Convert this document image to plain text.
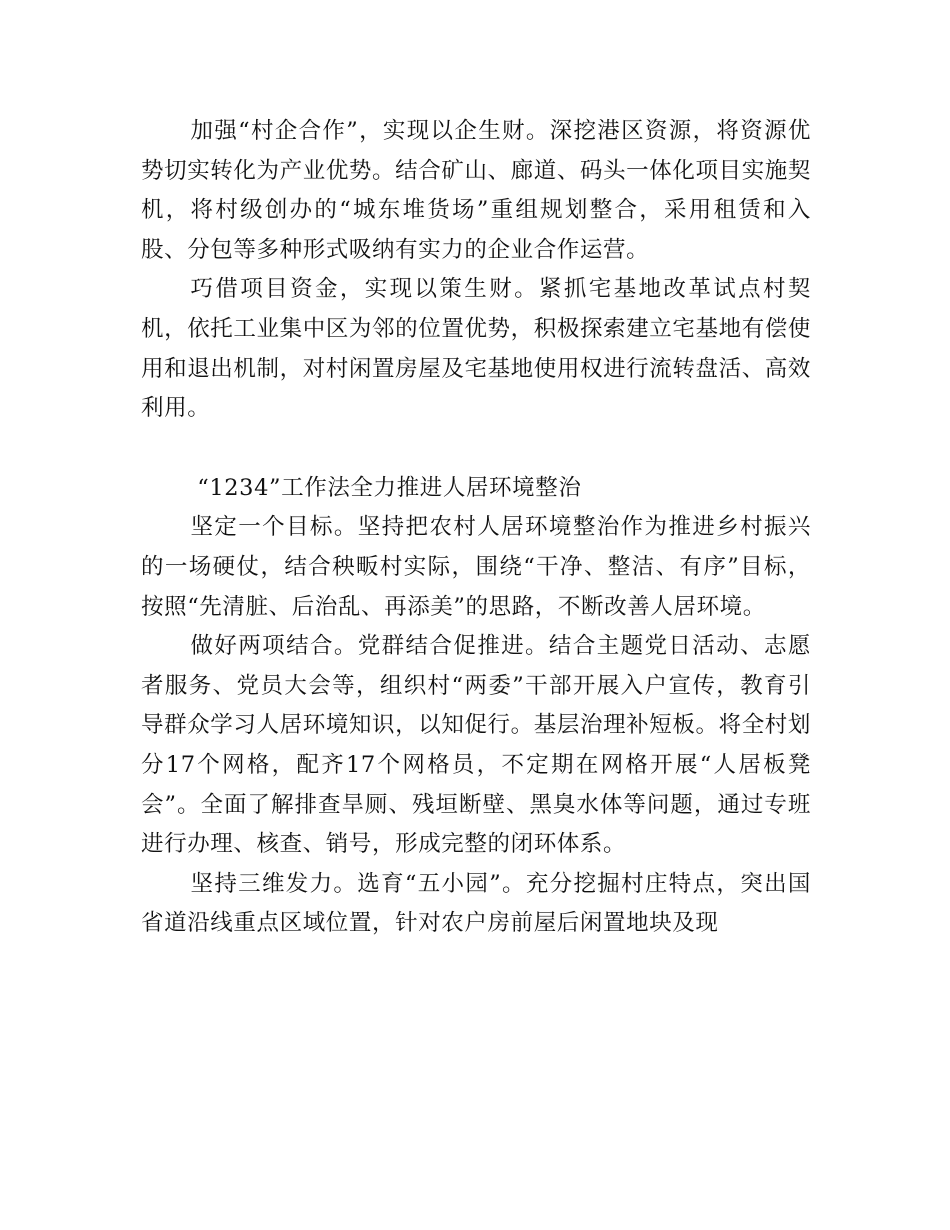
加强“村企合作”，实现以企生财。深挖港区资源，将资源优势切实转化为产业优势。结合矿山、廊道、码头一体化项目实施契机，将村级创办的“城东堆货场”重组规划整合，采用租赁和入股、分包等多种形式吸纳有实力的企业合作运营。

巧借项目资金，实现以策生财。紧抓宅基地改革试点村契机，依托工业集中区为邻的位置优势，积极探索建立宅基地有偿使用和退出机制，对村闲置房屋及宅基地使用权进行流转盘活、高效利用。

“1234”工作法全力推进人居环境整治

坚定一个目标。坚持把农村人居环境整治作为推进乡村振兴的一场硬仗，结合秧畈村实际，围绕“干净、整洁、有序”目标，按照“先清脏、后治乱、再添美”的思路，不断改善人居环境。

做好两项结合。党群结合促推进。结合主题党日活动、志愿者服务、党员大会等，组织村“两委”干部开展入户宣传，教育引导群众学习人居环境知识，以知促行。基层治理补短板。将全村划分17个网格，配齐17个网格员，不定期在网格开展“人居板凳会”。全面了解排查旱厕、残垣断壁、黑臭水体等问题，通过专班进行办理、核查、销号，形成完整的闭环体系。

坚持三维发力。选育“五小园”。充分挖掘村庄特点，突出国省道沿线重点区域位置，针对农户房前屋后闲置地块及现
